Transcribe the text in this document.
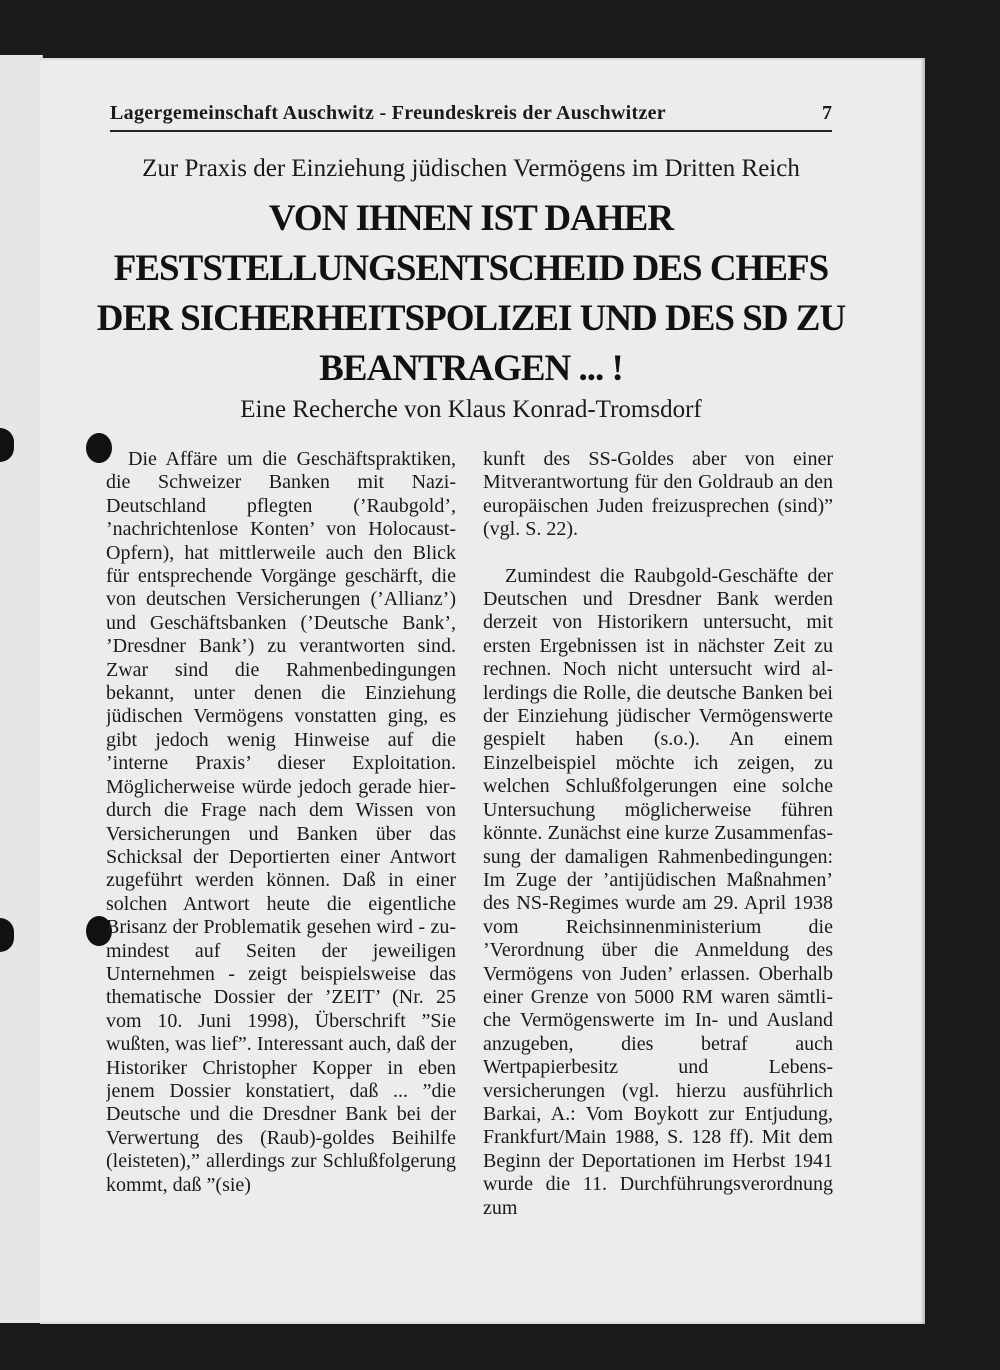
Lagergemeinschaft Auschwitz - Freundeskreis der Auschwitzer	7
Zur Praxis der Einziehung jüdischen Vermögens im Dritten Reich
VON IHNEN IST DAHER FESTSTELLUNGSENTSCHEID DES CHEFS DER SICHERHEITSPOLIZEI UND DES SD ZU BEANTRAGEN ... !
Eine Recherche von Klaus Konrad-Tromsdorf

Die Affäre um die Geschäftspraktiken, die Schweizer Banken mit Nazi-Deutschland pflegten (’Raubgold’, ’nachrichtenlose Konten’ von Holocaust-Opfern), hat mittlerweile auch den Blick für entsprechende Vorgänge geschärft, die von deutschen Versicherungen (’Allianz’) und Geschäftsbanken (’Deutsche Bank’, ’Dresdner Bank’) zu verantworten sind. Zwar sind die Rahmenbedingungen bekannt, unter denen die Einziehung jüdischen Vermögens vonstatten ging, es gibt jedoch wenig Hinweise auf die ’interne Praxis’ dieser Exploitation. Möglicherweise würde jedoch gerade hierdurch die Frage nach dem Wissen von Versicherungen und Banken über das Schicksal der Deportierten einer Antwort zugeführt werden können. Daß in einer solchen Antwort heute die eigentliche Brisanz der Problematik gesehen wird - zumindest auf Seiten der jeweiligen Unternehmen - zeigt beispielsweise das thematische Dossier der ’ZEIT’ (Nr. 25 vom 10. Juni 1998), Überschrift ”Sie wußten, was lief”. Interessant auch, daß der Historiker Christopher Kopper in eben jenem Dossier konstatiert, daß ... ”die Deutsche und die Dresdner Bank bei der Verwertung des (Raub)-goldes Beihilfe (leisteten),” allerdings zur Schlußfolgerung kommt, daß ”(sie)

kunft des SS-Goldes aber von einer Mitverantwortung für den Goldraub an den europäischen Juden freizusprechen (sind)” (vgl. S. 22).

Zumindest die Raubgold-Geschäfte der Deutschen und Dresdner Bank werden derzeit von Historikern untersucht, mit ersten Ergebnissen ist in nächster Zeit zu rechnen. Noch nicht untersucht wird allerdings die Rolle, die deutsche Banken bei der Einziehung jüdischer Vermögenswerte gespielt haben (s.o.). An einem Einzelbeispiel möchte ich zeigen, zu welchen Schlußfolgerungen eine solche Untersuchung möglicherweise führen könnte. Zunächst eine kurze Zusammenfassung der damaligen Rahmenbedingungen: Im Zuge der ’antijüdischen Maßnahmen’ des NS-Regimes wurde am 29. April 1938 vom Reichsinnenministerium die ’Verordnung über die Anmeldung des Vermögens von Juden’ erlassen. Oberhalb einer Grenze von 5000 RM waren sämtliche Vermögenswerte im In- und Ausland anzugeben, dies betraf auch Wertpapierbesitz und Lebensversicherungen (vgl. hierzu ausführlich Barkai, A.: Vom Boykott zur Entjudung, Frankfurt/Main 1988, S. 128 ff). Mit dem Beginn der Deportationen im Herbst 1941 wurde die 11. Durchführungsverordnung zum
